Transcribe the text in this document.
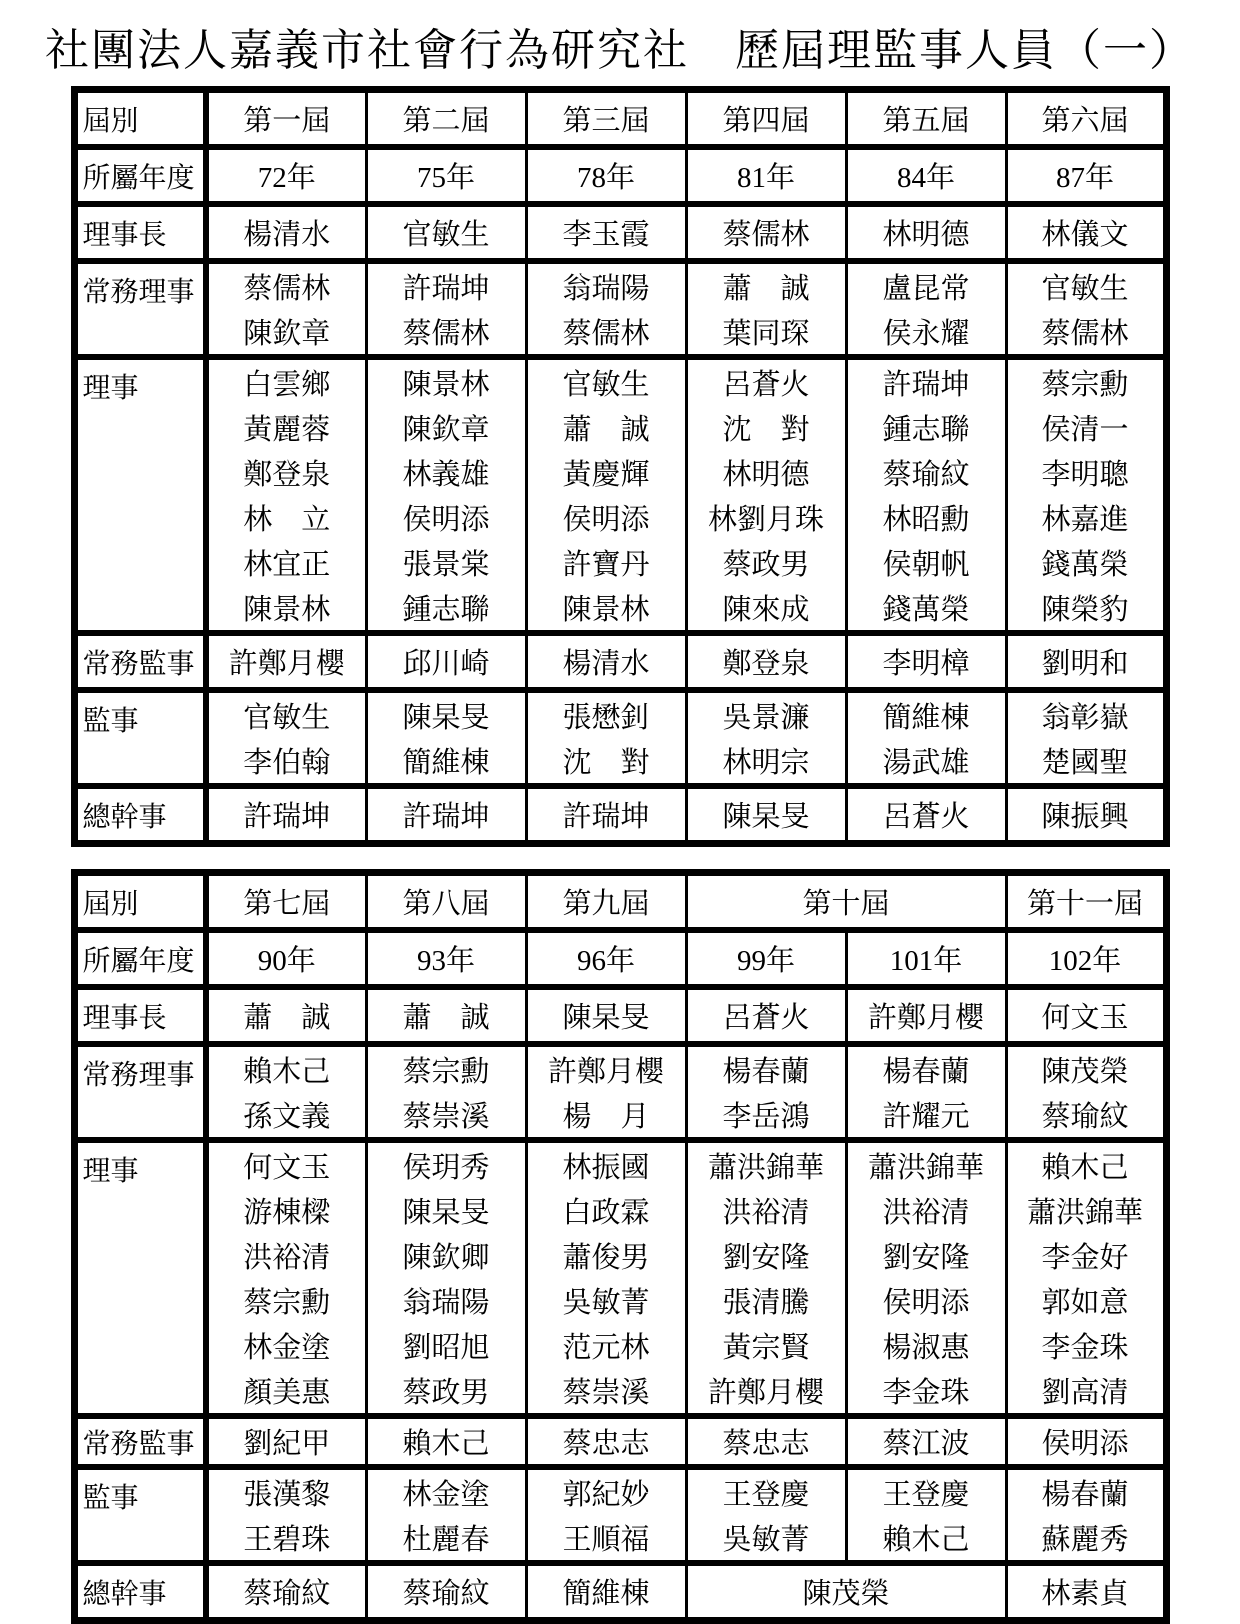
社團法人嘉義市社會行為研究社　歷屆理監事人員（一）
屆別	第一屆	第二屆	第三屆	第四屆	第五屆	第六屆
所屬年度	72年	75年	78年	81年	84年	87年
理事長	楊清水	官敏生	李玉霞	蔡儒林	林明德	林儀文
常務理事	蔡儒林	許瑞坤	翁瑞陽	蕭　誠	盧昆常	官敏生
	陳欽章	蔡儒林	蔡儒林	葉同琛	侯永耀	蔡儒林
理事	白雲鄉	陳景林	官敏生	呂蒼火	許瑞坤	蔡宗勳
	黃麗蓉	陳欽章	蕭　誠	沈　對	鍾志聯	侯清一
	鄭登泉	林義雄	黃慶輝	林明德	蔡瑜紋	李明聰
	林　立	侯明添	侯明添	林劉月珠	林昭勳	林嘉進
	林宜正	張景棠	許寶丹	蔡政男	侯朝帆	錢萬榮
	陳景林	鍾志聯	陳景林	陳來成	錢萬榮	陳榮豹
常務監事	許鄭月櫻	邱川崎	楊清水	鄭登泉	李明樟	劉明和
監事	官敏生	陳杲旻	張懋釗	吳景濂	簡維棟	翁彰嶽
	李伯翰	簡維棟	沈　對	林明宗	湯武雄	楚國聖
總幹事	許瑞坤	許瑞坤	許瑞坤	陳杲旻	呂蒼火	陳振興
屆別	第七屆	第八屆	第九屆	第十屆		第十一屆
所屬年度	90年	93年	96年	99年	101年	102年
理事長	蕭　誠	蕭　誠	陳杲旻	呂蒼火	許鄭月櫻	何文玉
常務理事	賴木己	蔡宗勳	許鄭月櫻	楊春蘭	楊春蘭	陳茂榮
	孫文義	蔡崇溪	楊　月	李岳鴻	許耀元	蔡瑜紋
理事	何文玉	侯玥秀	林振國	蕭洪錦華	蕭洪錦華	賴木己
	游棟樑	陳杲旻	白政霖	洪裕清	洪裕清	蕭洪錦華
	洪裕清	陳欽卿	蕭俊男	劉安隆	劉安隆	李金好
	蔡宗勳	翁瑞陽	吳敏菁	張清騰	侯明添	郭如意
	林金塗	劉昭旭	范元林	黃宗賢	楊淑惠	李金珠
	顏美惠	蔡政男	蔡崇溪	許鄭月櫻	李金珠	劉高清
常務監事	劉紀甲	賴木己	蔡忠志	蔡忠志	蔡江波	侯明添
監事	張漢黎	林金塗	郭紀妙	王登慶	王登慶	楊春蘭
	王碧珠	杜麗春	王順福	吳敏菁	賴木己	蘇麗秀
總幹事	蔡瑜紋	蔡瑜紋	簡維棟	陳茂榮		林素貞
